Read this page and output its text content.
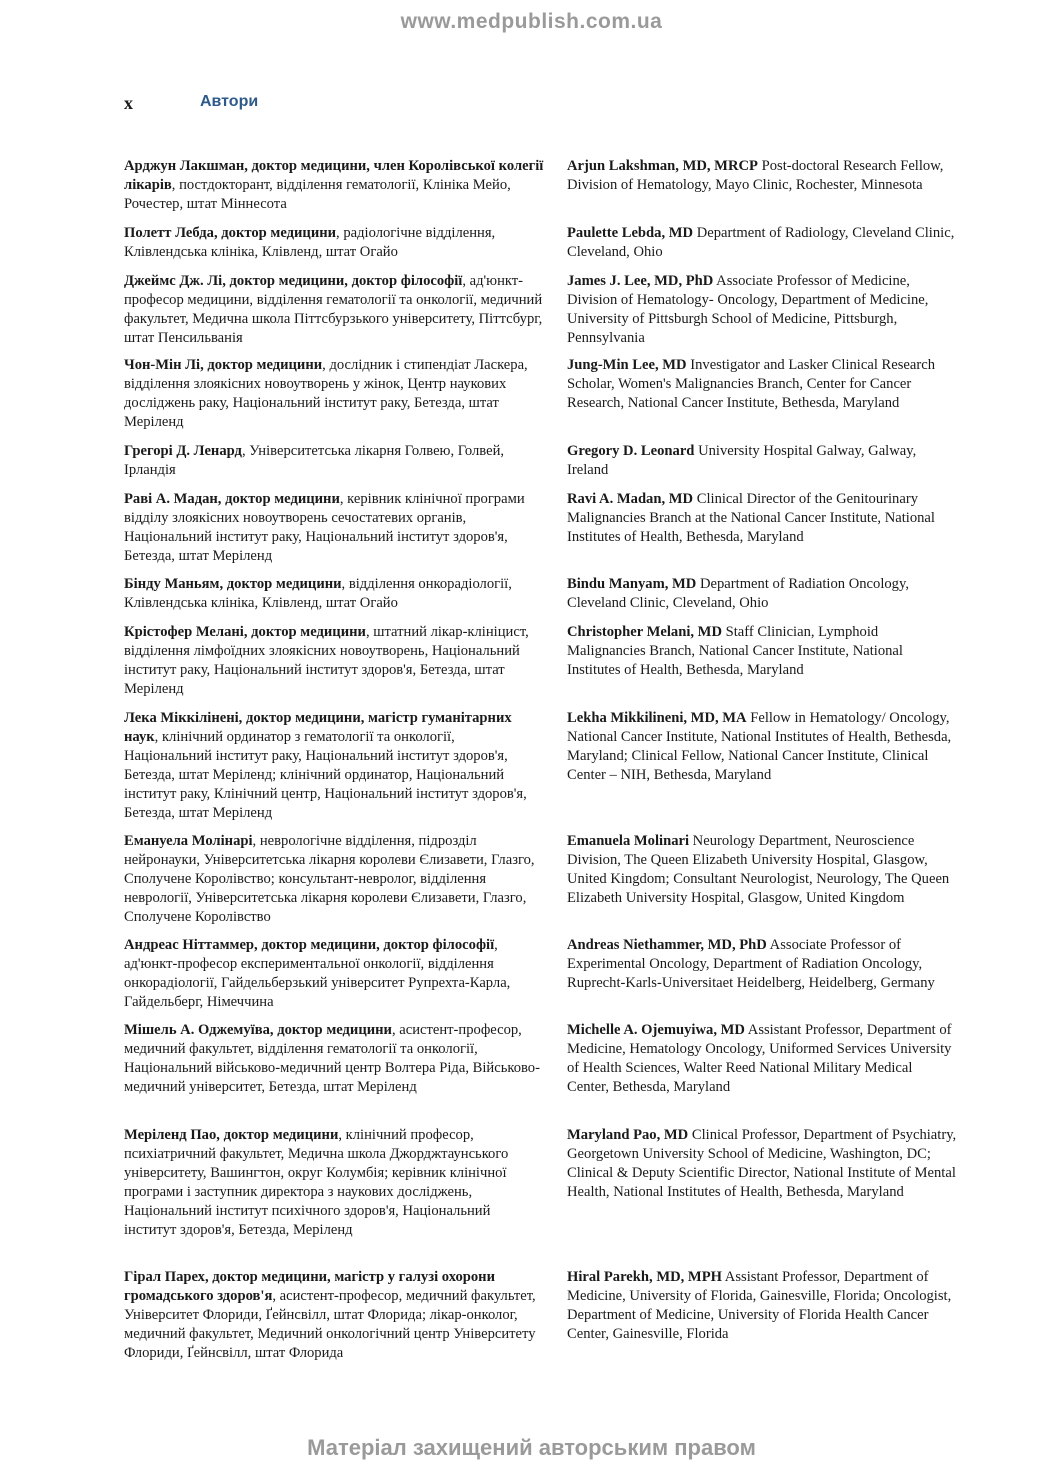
www.medpublish.com.ua
x	Автори

Арджун Лакшман, доктор медицини, член Королівської колегії лікарів, постдокторант, відділення гематології, Клініка Мейо, Рочестер, штат Міннесота

Полетт Лебда, доктор медицини, радіологічне відділення, Клівлендська клініка, Клівленд, штат Огайо

Джеймс Дж. Лі, доктор медицини, доктор філософії, ад'юнкт-професор медицини, відділення гематології та онкології, медичний факультет, Медична школа Піттсбурзького університету, Піттсбург, штат Пенсильванія

Чон-Мін Лі, доктор медицини, дослідник і стипендіат Ласкера, відділення злоякісних новоутворень у жінок, Центр наукових досліджень раку, Національний інститут раку, Бетезда, штат Меріленд

Грегорі Д. Ленард, Університетська лікарня Голвею, Голвей, Ірландія

Раві А. Мадан, доктор медицини, керівник клінічної програми відділу злоякісних новоутворень сечостатевих органів, Національний інститут раку, Національний інститут здоров'я, Бетезда, штат Меріленд

Бінду Маньям, доктор медицини, відділення онкорадіології, Клівлендська клініка, Клівленд, штат Огайо

Крістофер Мелані, доктор медицини, штатний лікар-клініцист, відділення лімфоїдних злоякісних новоутворень, Національний інститут раку, Національний інститут здоров'я, Бетезда, штат Меріленд

Лека Міккілінені, доктор медицини, магістр гуманітарних наук, клінічний ординатор з гематології та онкології, Національний інститут раку, Національний інститут здоров'я, Бетезда, штат Меріленд; клінічний ординатор, Національний інститут раку, Клінічний центр, Національний інститут здоров'я, Бетезда, штат Меріленд

Емануела Молінарі, неврологічне відділення, підрозділ нейронауки, Університетська лікарня королеви Єлизавети, Глазго, Сполучене Королівство; консультант-невролог, відділення неврології, Університетська лікарня королеви Єлизавети, Глазго, Сполучене Королівство

Андреас Ніттаммер, доктор медицини, доктор філософії, ад'юнкт-професор експериментальної онкології, відділення онкорадіології, Гайдельберзький університет Рупрехта-Карла, Гайдельберг, Німеччина

Мішель А. Оджемуїва, доктор медицини, асистент-професор, медичний факультет, відділення гематології та онкології, Національний військово-медичний центр Волтера Ріда, Військово-медичний університет, Бетезда, штат Меріленд

Меріленд Пао, доктор медицини, клінічний професор, психіатричний факультет, Медична школа Джорджтаунського університету, Вашингтон, округ Колумбія; керівник клінічної програми і заступник директора з наукових досліджень, Національний інститут психічного здоров'я, Національний інститут здоров'я, Бетезда, Меріленд

Гірал Парех, доктор медицини, магістр у галузі охорони громадського здоров'я, асистент-професор, медичний факультет, Університет Флориди, Ґейнсвілл, штат Флорида; лікар-онколог, медичний факультет, Медичний онкологічний центр Університету Флориди, Ґейнсвілл, штат Флорида

Arjun Lakshman, MD, MRCP Post-doctoral Research Fellow, Division of Hematology, Mayo Clinic, Rochester, Minnesota

Paulette Lebda, MD Department of Radiology, Cleveland Clinic, Cleveland, Ohio

James J. Lee, MD, PhD Associate Professor of Medicine, Division of Hematology- Oncology, Department of Medicine, University of Pittsburgh School of Medicine, Pittsburgh, Pennsylvania

Jung-Min Lee, MD Investigator and Lasker Clinical Research Scholar, Women's Malignancies Branch, Center for Cancer Research, National Cancer Institute, Bethesda, Maryland

Gregory D. Leonard University Hospital Galway, Galway, Ireland

Ravi A. Madan, MD Clinical Director of the Genitourinary Malignancies Branch at the National Cancer Institute, National Institutes of Health, Bethesda, Maryland

Bindu Manyam, MD Department of Radiation Oncology, Cleveland Clinic, Cleveland, Ohio

Christopher Melani, MD Staff Clinician, Lymphoid Malignancies Branch, National Cancer Institute, National Institutes of Health, Bethesda, Maryland

Lekha Mikkilineni, MD, MA Fellow in Hematology/ Oncology, National Cancer Institute, National Institutes of Health, Bethesda, Maryland; Clinical Fellow, National Cancer Institute, Clinical Center – NIH, Bethesda, Maryland

Emanuela Molinari Neurology Department, Neuroscience Division, The Queen Elizabeth University Hospital, Glasgow, United Kingdom; Consultant Neurologist, Neurology, The Queen Elizabeth University Hospital, Glasgow, United Kingdom

Andreas Niethammer, MD, PhD Associate Professor of Experimental Oncology, Department of Radiation Oncology, Ruprecht-Karls-Universitaet Heidelberg, Heidelberg, Germany

Michelle A. Ojemuyiwa, MD Assistant Professor, Department of Medicine, Hematology Oncology, Uniformed Services University of Health Sciences, Walter Reed National Military Medical Center, Bethesda, Maryland

Maryland Pao, MD Clinical Professor, Department of Psychiatry, Georgetown University School of Medicine, Washington, DC; Clinical & Deputy Scientific Director, National Institute of Mental Health, National Institutes of Health, Bethesda, Maryland

Hiral Parekh, MD, MPH Assistant Professor, Department of Medicine, University of Florida, Gainesville, Florida; Oncologist, Department of Medicine, University of Florida Health Cancer Center, Gainesville, Florida

Матеріал захищений авторським правом
